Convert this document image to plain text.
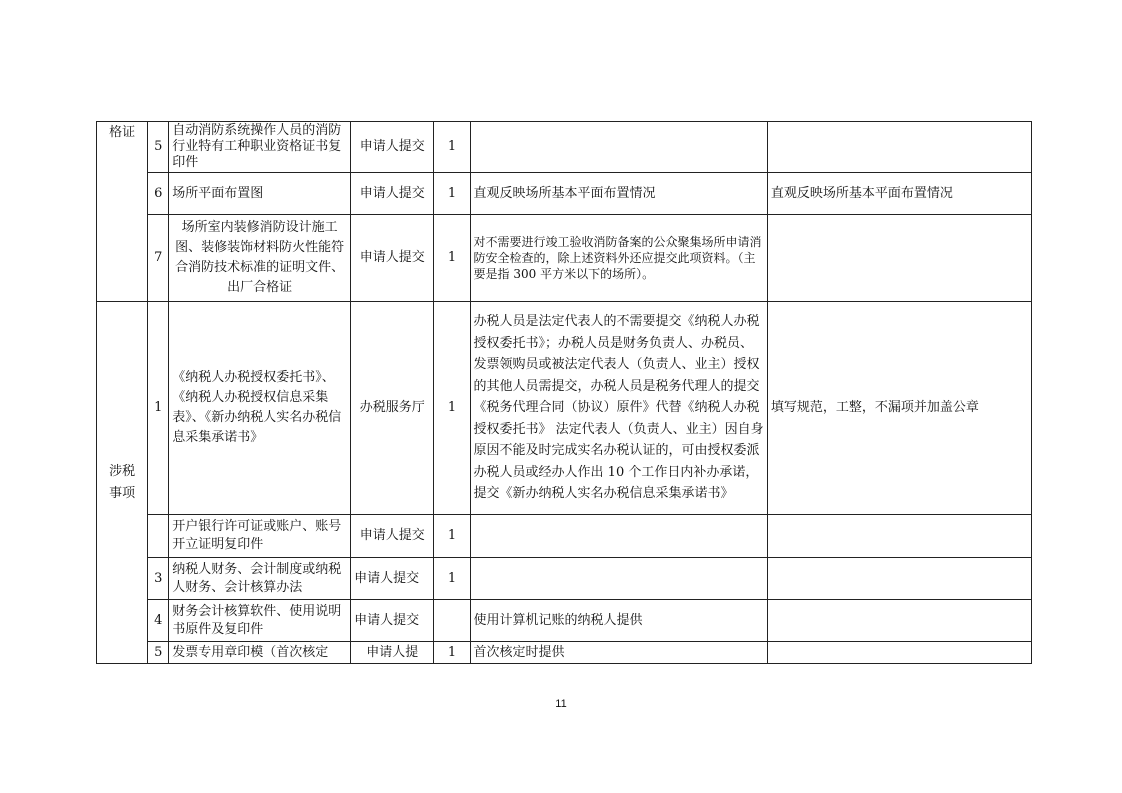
格证	5	自动消防系统操作人员的消防行业特有工种职业资格证书复印件	申请人提交	1		
	6	场所平面布置图	申请人提交	1	直观反映场所基本平面布置情况	直观反映场所基本平面布置情况
	7	场所室内装修消防设计施工图、装修装饰材料防火性能符合消防技术标准的证明文件、出厂合格证	申请人提交	1	对不需要进行竣工验收消防备案的公众聚集场所申请消防安全检查的，除上述资料外还应提交此项资料。（主要是指 300 平方米以下的场所）。	
涉税事项	1	《纳税人办税授权委托书》、《纳税人办税授权信息采集表》、《新办纳税人实名办税信息采集承诺书》	办税服务厅	1	办税人员是法定代表人的不需要提交《纳税人办税授权委托书》；办税人员是财务负责人、办税员、发票领购员或被法定代表人（负责人、业主）授权的其他人员需提交，办税人员是税务代理人的提交《税务代理合同（协议）原件》代替《纳税人办税授权委托书》 法定代表人（负责人、业主）因自身原因不能及时完成实名办税认证的，可由授权委派办税人员或经办人作出 10 个工作日内补办承诺，提交《新办纳税人实名办税信息采集承诺书》	填写规范，工整，不漏项并加盖公章
		开户银行许可证或账户、账号开立证明复印件	申请人提交	1		
	3	纳税人财务、会计制度或纳税人财务、会计核算办法	申请人提交	1		
	4	财务会计核算软件、使用说明书原件及复印件	申请人提交		使用计算机记账的纳税人提供	
	5	发票专用章印模（首次核定	申请人提	1	首次核定时提供	
11
